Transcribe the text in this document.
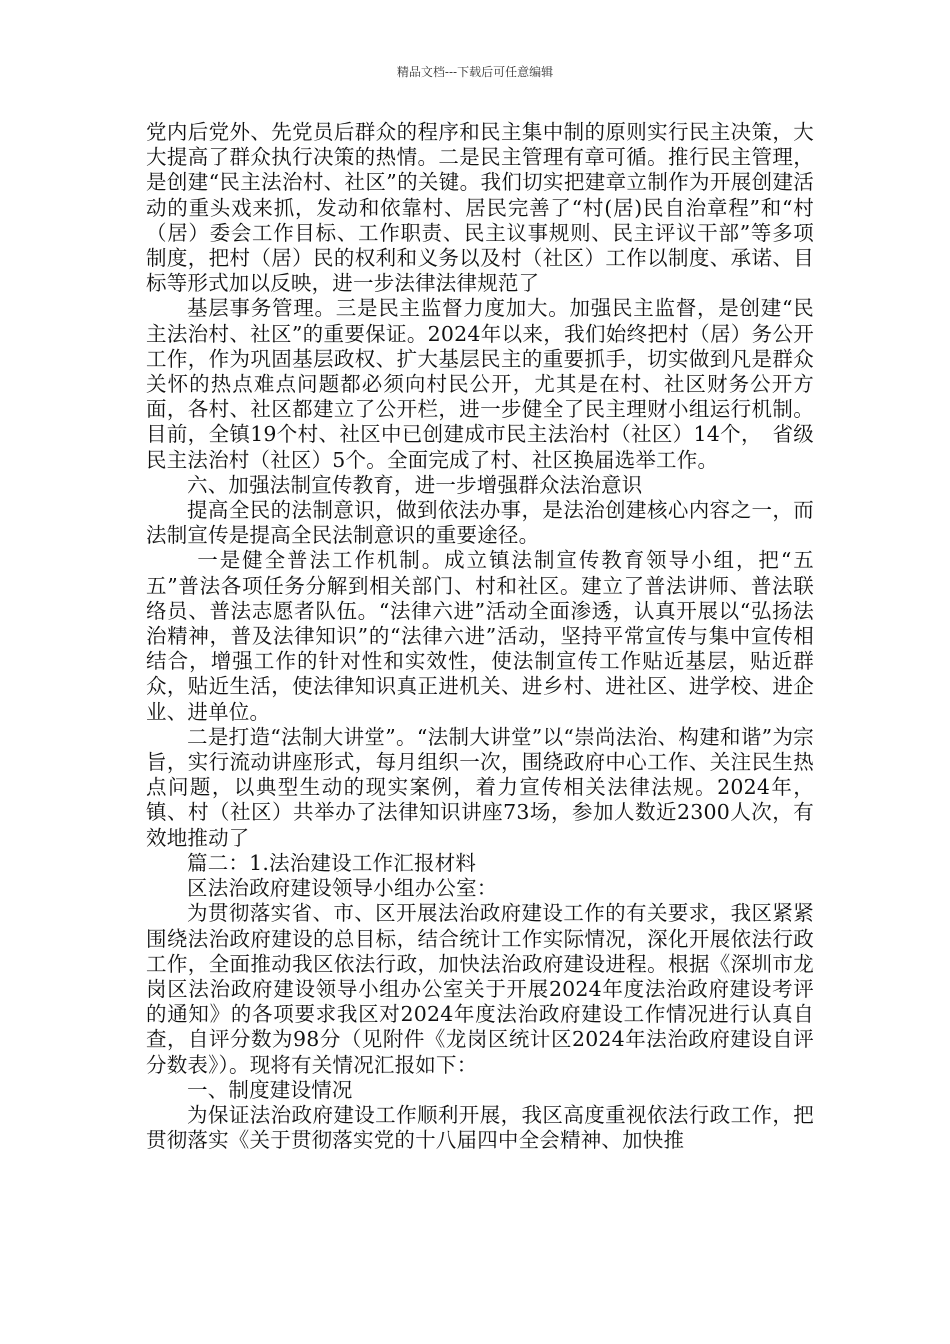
精品文档---下载后可任意编辑

党内后党外、先党员后群众的程序和民主集中制的原则实行民主决策，大大提高了群众执行决策的热情。二是民主管理有章可循。推行民主管理，是创建“民主法治村、社区”的关键。我们切实把建章立制作为开展创建活动的重头戏来抓，发动和依靠村、居民完善了“村(居)民自治章程”和“村（居）委会工作目标、工作职责、民主议事规则、民主评议干部”等多项制度，把村（居）民的权利和义务以及村（社区）工作以制度、承诺、目标等形式加以反映，进一步法律法律规范了

基层事务管理。三是民主监督力度加大。加强民主监督，是创建“民主法治村、社区”的重要保证。2024年以来，我们始终把村（居）务公开工作，作为巩固基层政权、扩大基层民主的重要抓手，切实做到凡是群众关怀的热点难点问题都必须向村民公开，尤其是在村、社区财务公开方面，各村、社区都建立了公开栏，进一步健全了民主理财小组运行机制。目前，全镇19个村、社区中已创建成市民主法治村（社区）14个，　省级民主法治村（社区）5个。全面完成了村、社区换届选举工作。

六、加强法制宣传教育，进一步增强群众法治意识

提高全民的法制意识，做到依法办事，是法治创建核心内容之一，而法制宣传是提高全民法制意识的重要途径。

一是健全普法工作机制。成立镇法制宣传教育领导小组，把“五五”普法各项任务分解到相关部门、村和社区。建立了普法讲师、普法联络员、普法志愿者队伍。“法律六进”活动全面渗透，认真开展以“弘扬法治精神，普及法律知识”的“法律六进”活动，坚持平常宣传与集中宣传相结合，增强工作的针对性和实效性，使法制宣传工作贴近基层，贴近群众，贴近生活，使法律知识真正进机关、进乡村、进社区、进学校、进企业、进单位。

二是打造“法制大讲堂”。“法制大讲堂”以“崇尚法治、构建和谐”为宗旨，实行流动讲座形式，每月组织一次，围绕政府中心工作、关注民生热点问题，以典型生动的现实案例，着力宣传相关法律法规。2024年，镇、村（社区）共举办了法律知识讲座73场，参加人数近2300人次，有效地推动了

篇二：1.法治建设工作汇报材料

区法治政府建设领导小组办公室：

为贯彻落实省、市、区开展法治政府建设工作的有关要求，我区紧紧围绕法治政府建设的总目标，结合统计工作实际情况，深化开展依法行政工作，全面推动我区依法行政，加快法治政府建设进程。根据《深圳市龙岗区法治政府建设领导小组办公室关于开展2024年度法治政府建设考评的通知》的各项要求我区对2024年度法治政府建设工作情况进行认真自查，自评分数为98分（见附件《龙岗区统计区2024年法治政府建设自评分数表》）。现将有关情况汇报如下：

一、制度建设情况

为保证法治政府建设工作顺利开展，我区高度重视依法行政工作，把贯彻落实《关于贯彻落实党的十八届四中全会精神、加快推
